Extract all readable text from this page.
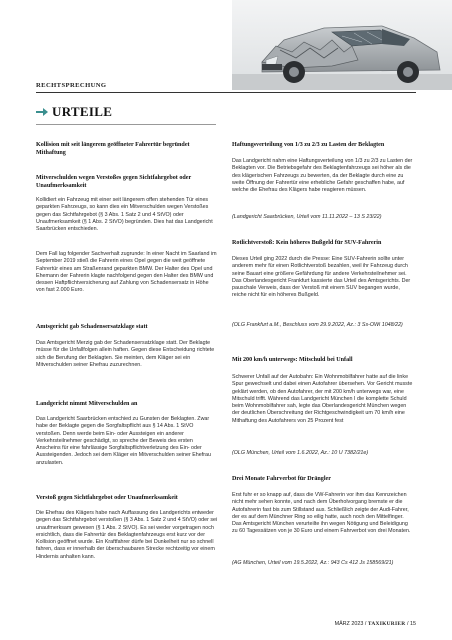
RECHTSPRECHUNG
URTEILE

Kollision mit seit längerem geöffneter Fahrertür begründet Mithaftung

Mitverschulden wegen Verstoßes gegen Sichtfahrgebot oder Unaufmerksamkeit

Kollidiert ein Fahrzeug mit einer seit längerem offen stehenden Tür eines geparkten Fahrzeugs, so kann dies ein Mitverschulden wegen Verstoßes gegen das Sichtfahrgebot (§ 3 Abs. 1 Satz 2 und 4 StVO) oder Unaufmerksamkeit (§ 1 Abs. 2 StVO) begründen. Dies hat das Landgericht Saarbrücken entschieden.

Dem Fall lag folgender Sachverhalt zugrunde: In einer Nacht im Saarland im September 2019 stieß die Fahrerin eines Opel gegen die weit geöffnete Fahrertür eines am Straßenrand geparkten BMW. Der Halter des Opel und Ehemann der Fahrerin klagte nachfolgend gegen den Halter des BMW und dessen Haftpflichtversicherung auf Zahlung von Schadensersatz in Höhe von fast 2.000 Euro.

Amtsgericht gab Schadensersatzklage statt

Das Amtsgericht Merzig gab der Schadensersatzklage statt. Der Beklagte müsse für die Unfallfolgen allein haften. Gegen diese Entscheidung richtete sich die Berufung der Beklagten. Sie meinten, dem Kläger sei ein Mitverschulden seiner Ehefrau zuzurechnen.

Landgericht nimmt Mitverschulden an

Das Landgericht Saarbrücken entschied zu Gunsten der Beklagten. Zwar habe der Beklagte gegen die Sorgfaltspflicht aus § 14 Abs. 1 StVO verstoßen. Denn werde beim Ein- oder Aussteigen ein anderer Verkehrsteilnehmer geschädigt, so spreche der Beweis des ersten Anscheins für eine fahrlässige Sorgfaltspflichtverletzung des Ein- oder Aussteigenden. Jedoch sei dem Kläger ein Mitverschulden seiner Ehefrau anzulasten.

Verstoß gegen Sichtfahrgebot oder Unaufmerksamkeit

Die Ehefrau des Klägers habe nach Auffassung des Landgerichts entweder gegen das Sichtfahrgebot verstoßen (§ 3 Abs. 1 Satz 2 und 4 StVO) oder sei unaufmerksam gewesen (§ 1 Abs. 2 StVO). Es sei weder vorgetragen noch ersichtlich, dass die Fahrertür des Beklagtenfahrzeugs erst kurz vor der Kollision geöffnet wurde. Ein Kraftfahrer dürfe bei Dunkelheit nur so schnell fahren, dass er innerhalb der überschaubaren Strecke rechtzeitig vor einem Hindernis anhalten kann.

Haftungsverteilung von 1/3 zu 2/3 zu Lasten der Beklagten

Das Landgericht nahm eine Haftungsverteilung von 1/3 zu 2/3 zu Lasten der Beklagten vor. Die Betriebsgefahr des Beklagtenfahrzeugs sei höher als die des klägerischen Fahrzeugs zu bewerten, da der Beklagte durch eine zu weite Öffnung der Fahrertür eine erhebliche Gefahr geschaffen habe, auf welche die Ehefrau des Klägers habe reagieren müssen.

(Landgericht Saarbrücken, Urteil vom 11.11.2022 – 13 S 23/22)

Rotlichtverstoß: Kein höheres Bußgeld für SUV-Fahrerin

Dieses Urteil ging 2022 durch die Presse: Eine SUV-Fahrerin sollte unter anderem mehr für einen Rotlichtverstoß bezahlen, weil ihr Fahrzeug durch seine Bauart eine größere Gefährdung für andere Verkehrsteilnehmer sei. Das Oberlandesgericht Frankfurt kassierte das Urteil des Amtsgerichts. Der pauschale Verweis, dass der Verstoß mit einem SUV begangen wurde, reiche nicht für ein höheres Bußgeld.

(OLG Frankfurt a.M., Beschluss vom 29.9.2022, Az.: 3 Ss-OWi 1048/22)

Mit 200 km/h unterwegs: Mitschuld bei Unfall

Schwerer Unfall auf der Autobahn: Ein Wohnmobilfahrer hatte auf die linke Spur gewechselt und dabei einen Autofahrer übersehen. Vor Gericht musste geklärt werden, ob den Autofahrer, der mit 200 km/h unterwegs war, eine Mitschuld trifft. Während das Landgericht München I die komplette Schuld beim Wohnmobilfahrer sah, legte das Oberlandesgericht München wegen der deutlichen Überschreitung der Richtgeschwindigkeit um 70 km/h eine Mithaftung des Autofahrers von 25 Prozent fest

(OLG München, Urteil vom 1.6.2022, Az.: 10 U 7382/21e)

Drei Monate Fahrverbot für Drängler

Erst fuhr er so knapp auf, dass die VW-Fahrerin vor ihm das Kennzeichen nicht mehr sehen konnte, und nach dem Überholvorgang bremste er die Autofahrerin fast bis zum Stillstand aus. Schließlich zeigte der Audi-Fahrer, der es auf dem Münchner Ring so eilig hatte, auch noch den Mittelfinger. Das Amtsgericht München verurteilte ihn wegen Nötigung und Beleidigung zu 60 Tagessätzen von je 30 Euro und einem Fahrverbot von drei Monaten.

(AG München, Urteil vom 19.5.2022, Az.: 943 Cs 412 Js 158569/21)

MÄRZ 2023 / TAXIKURIER / 15
